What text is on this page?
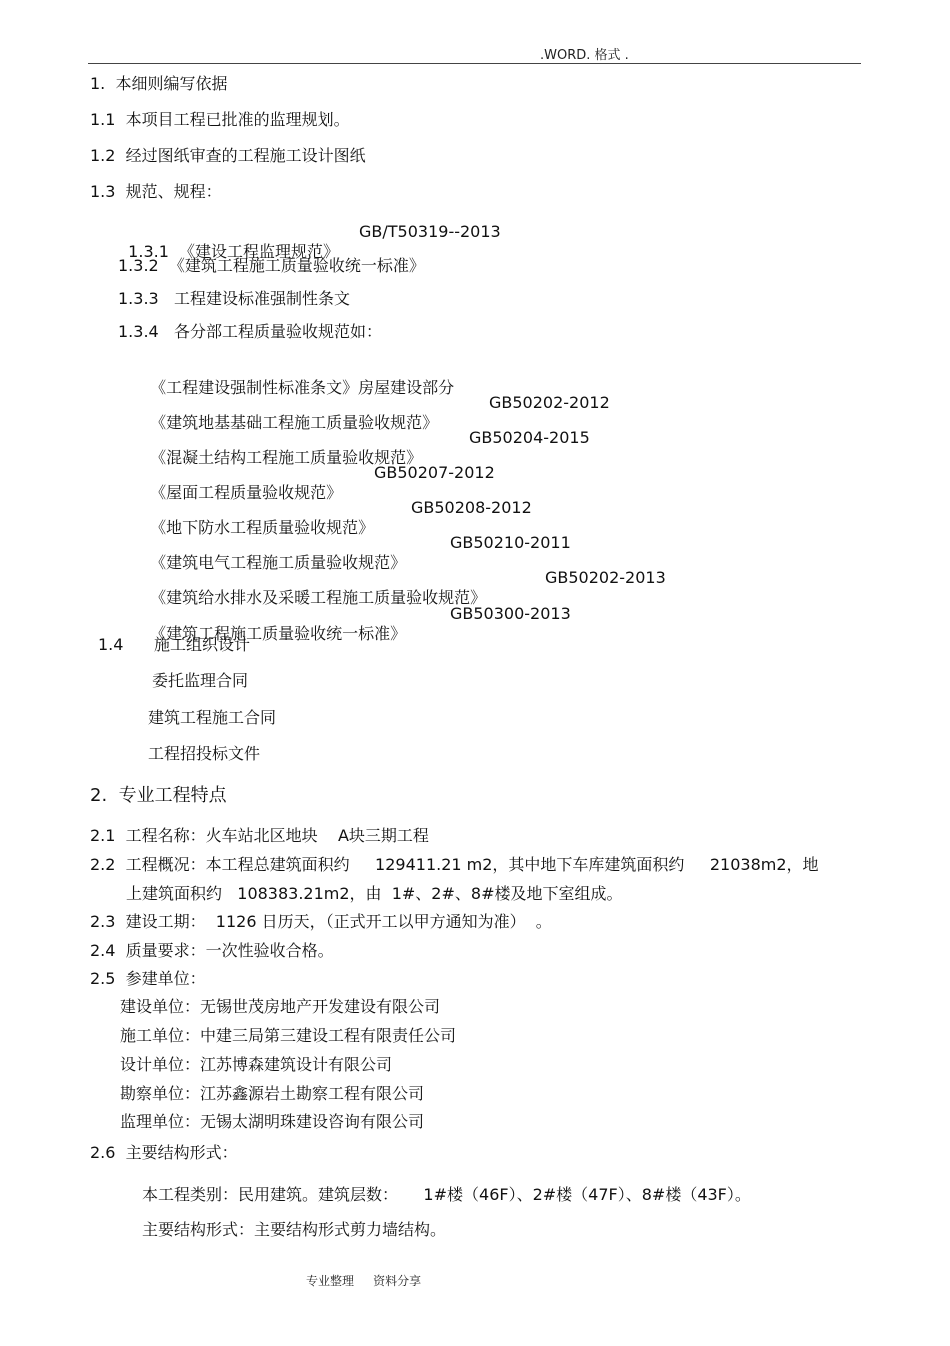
.WORD. 格式 .
1.  本细则编写依据
1.1  本项目工程已批准的监理规划。
1.2  经过图纸审查的工程施工设计图纸
1.3  规范、规程：

1.3.1  《建设工程监理规范》

GB/T50319--2013

1.3.2  《建筑工程施工质量验收统一标准》
1.3.3   工程建设标准强制性条文
1.3.4   各分部工程质量验收规范如：

《工程建设强制性标准条文》房屋建设部分

《建筑地基基础工程施工质量验收规范》

GB50202-2012

《混凝土结构工程施工质量验收规范》

GB50204-2015

《屋面工程质量验收规范》

GB50207-2012

《地下防水工程质量验收规范》

GB50208-2012

《建筑电气工程施工质量验收规范》

GB50210-2011

《建筑给水排水及采暖工程施工质量验收规范》

GB50202-2013

《建筑工程施工质量验收统一标准》

GB50300-2013

1.4      施工组织设计
委托监理合同
建筑工程施工合同
工程招投标文件
2.  专业工程特点
2.1  工程名称：火车站北区地块    A块三期工程
2.2  工程概况：本工程总建筑面积约     129411.21 m2，其中地下车库建筑面积约     21038m2，地
上建筑面积约   108383.21m2，由  1#、2#、8#楼及地下室组成。
2.3  建设工期：  1126 日历天，（正式开工以甲方通知为准）  。
2.4  质量要求：一次性验收合格。
2.5  参建单位：
建设单位：无锡世茂房地产开发建设有限公司
施工单位：中建三局第三建设工程有限责任公司
设计单位：江苏博森建筑设计有限公司
勘察单位：江苏鑫源岩土勘察工程有限公司
监理单位：无锡太湖明珠建设咨询有限公司
2.6  主要结构形式：
本工程类别：民用建筑。建筑层数：     1#楼（46F）、2#楼（47F）、8#楼（43F）。
主要结构形式：主要结构形式剪力墙结构。
专业整理     资料分享
